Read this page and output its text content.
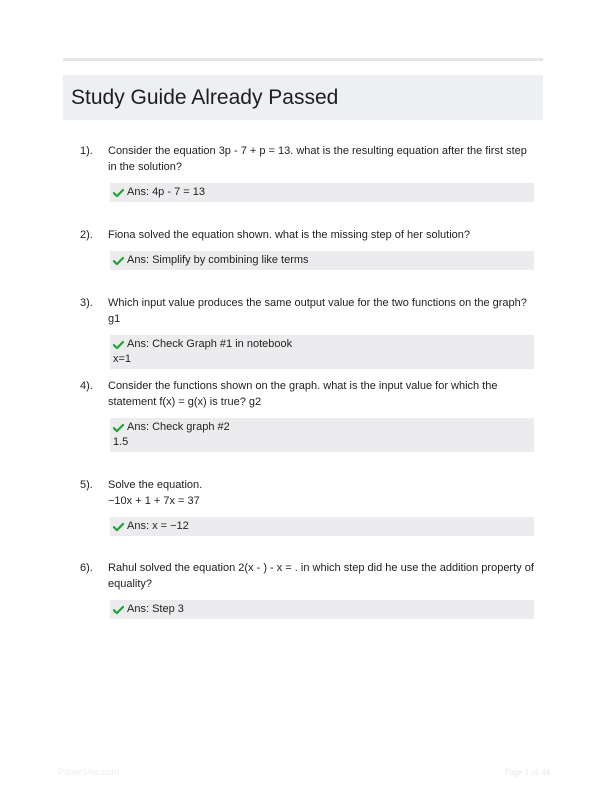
Study Guide Already Passed
1). Consider the equation 3p - 7 + p = 13. what is the resulting equation after the first step in the solution?
Ans: 4p - 7 = 13
2). Fiona solved the equation shown. what is the missing step of her solution?
Ans: Simplify by combining like terms
3). Which input value produces the same output value for the two functions on the graph? g1
Ans: Check Graph #1 in notebook
x=1
4). Consider the functions shown on the graph. what is the input value for which the statement f(x) = g(x) is true? g2
Ans: Check graph #2
1.5
5). Solve the equation.
−10x + 1 + 7x = 37
Ans: x = −12
6). Rahul solved the equation 2(x - ) - x = . in which step did he use the addition property of equality?
Ans: Step 3
PaperShic.com	Page 1 of 44
